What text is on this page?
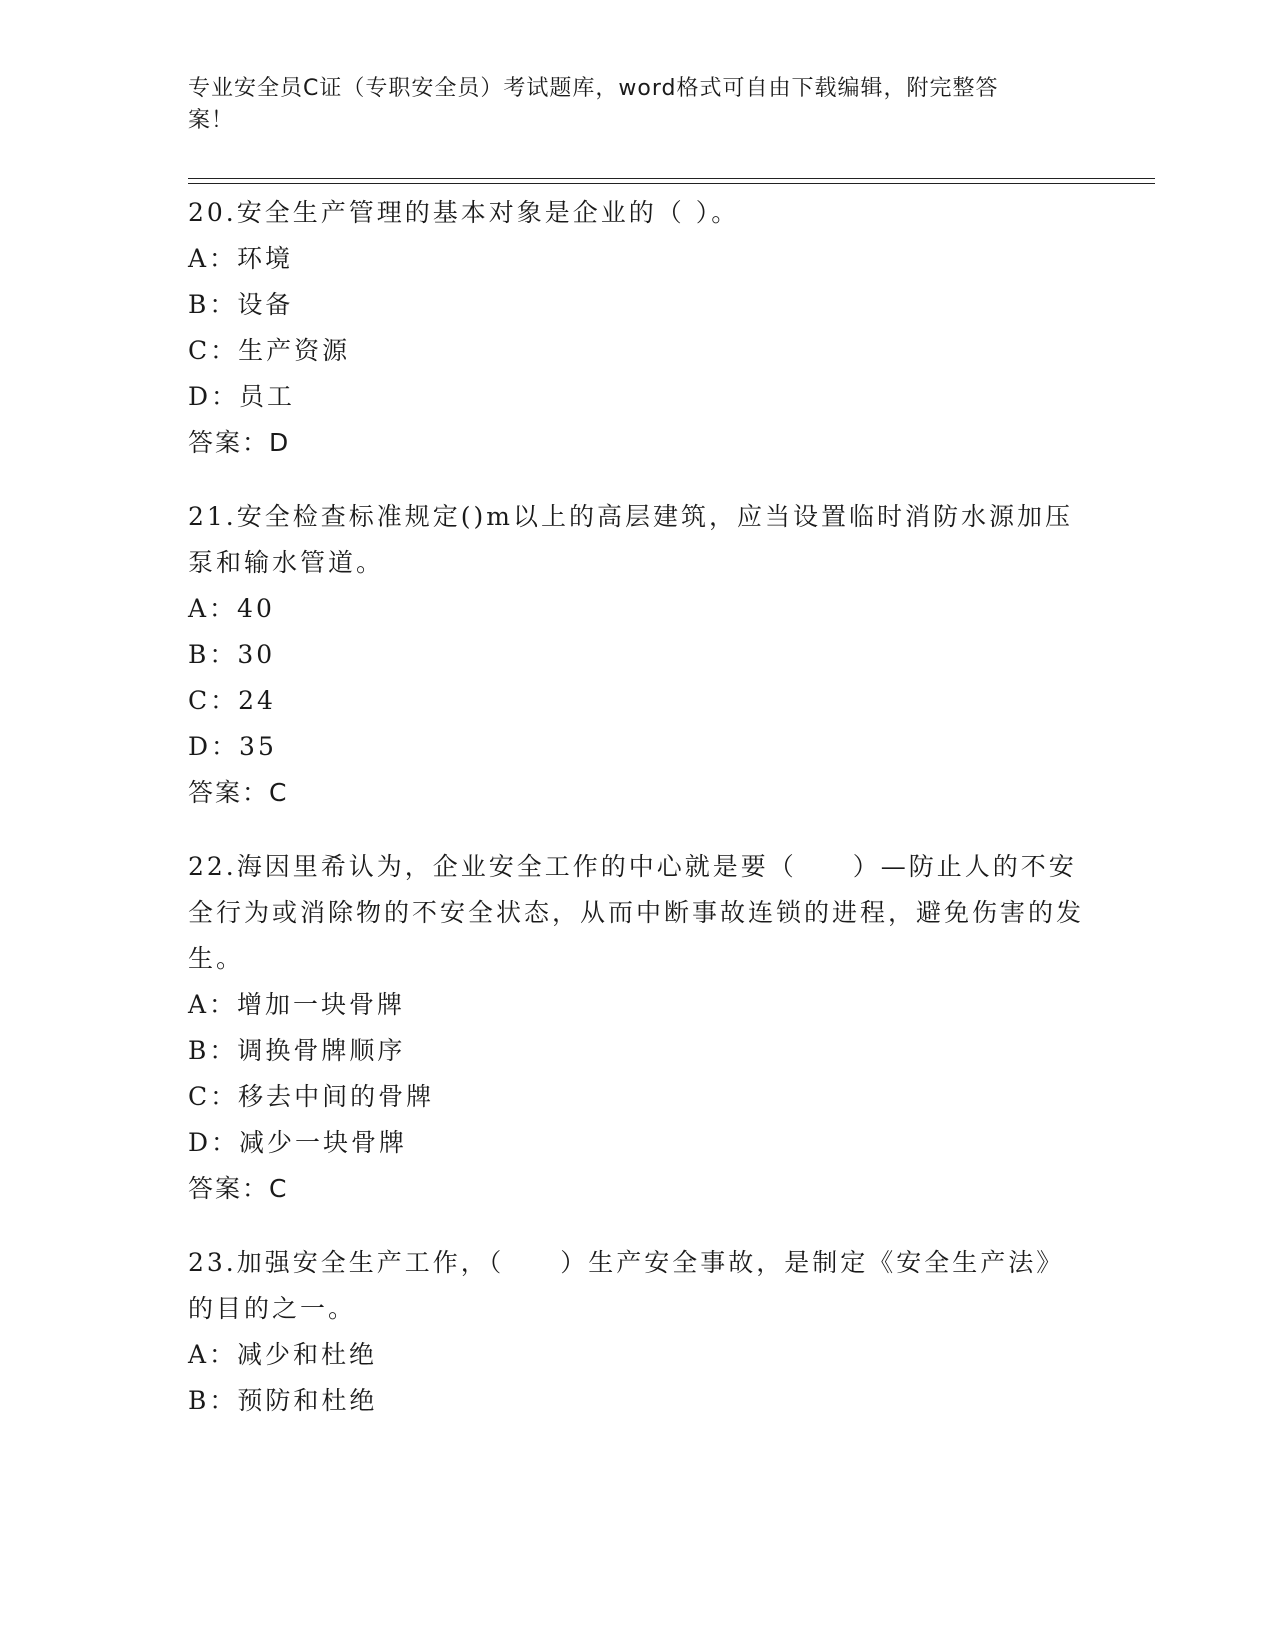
专业安全员C证（专职安全员）考试题库，word格式可自由下载编辑，附完整答
案！
20.安全生产管理的基本对象是企业的（ ）。
A：环境
B：设备
C：生产资源
D：员工
答案：D
21.安全检查标准规定()m以上的高层建筑，应当设置临时消防水源加压泵和输水管道。
A：40
B：30
C：24
D：35
答案：C
22.海因里希认为，企业安全工作的中心就是要（　　）—防止人的不安全行为或消除物的不安全状态，从而中断事故连锁的进程，避免伤害的发生。
A：增加一块骨牌
B：调换骨牌顺序
C：移去中间的骨牌
D：减少一块骨牌
答案：C
23.加强安全生产工作，（　　）生产安全事故，是制定《安全生产法》的目的之一。
A：减少和杜绝
B：预防和杜绝
